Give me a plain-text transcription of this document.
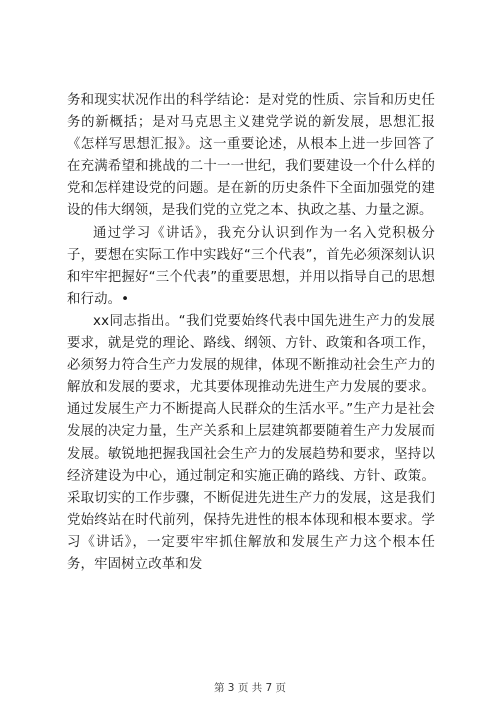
务和现实状况作出的科学结论：是对党的性质、宗旨和历史任务的新概括；是对马克思主义建党学说的新发展，思想汇报《怎样写思想汇报》。这一重要论述，从根本上进一步回答了在充满希望和挑战的二十一一世纪，我们要建设一个什么样的党和怎样建设党的问题。是在新的历史条件下全面加强党的建设的伟大纲领，是我们党的立党之本、执政之基、力量之源。

通过学习《讲话》，我充分认识到作为一名入党积极分子，要想在实际工作中实践好“三个代表”，首先必须深刻认识和牢牢把握好“三个代表”的重要思想，并用以指导自己的思想和行动。•

xx同志指出。“我们党要始终代表中国先进生产力的发展要求，就是党的理论、路线、纲领、方针、政策和各项工作，必须努力符合生产力发展的规律，体现不断推动社会生产力的解放和发展的要求，尤其要体现推动先进生产力发展的要求。通过发展生产力不断提高人民群众的生活水平。”生产力是社会发展的决定力量，生产关系和上层建筑都要随着生产力发展而发展。敏锐地把握我国社会生产力的发展趋势和要求，坚持以经济建设为中心，通过制定和实施正确的路线、方针、政策。采取切实的工作步骤，不断促进先进生产力的发展，这是我们党始终站在时代前列，保持先进性的根本体现和根本要求。学习《讲话》，一定要牢牢抓住解放和发展生产力这个根本任务，牢固树立改革和发

第 3 页 共 7 页
